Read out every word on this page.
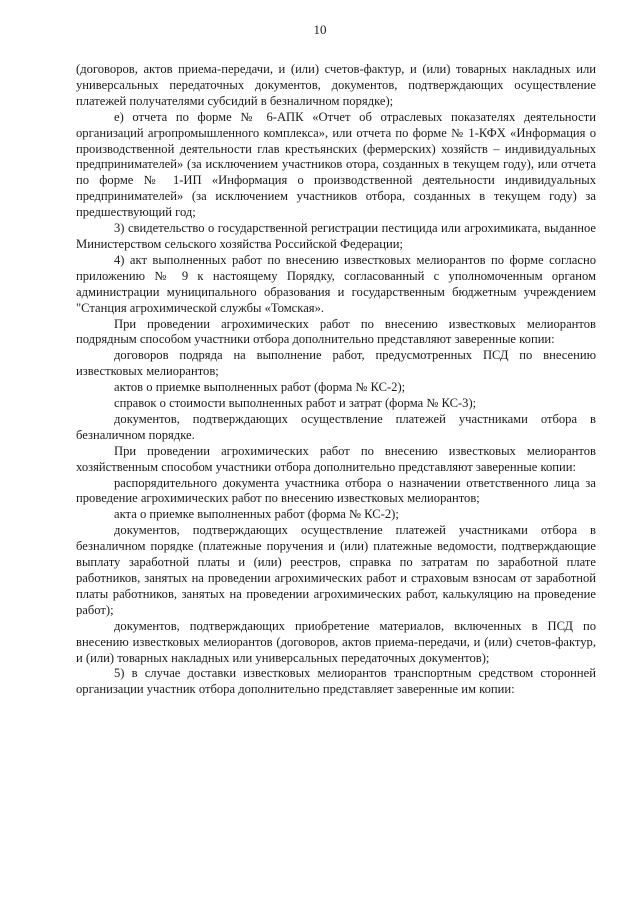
10

(договоров, актов приема-передачи, и (или) счетов-фактур, и (или) товарных накладных или универсальных передаточных документов, документов, подтверждающих осуществление платежей получателями субсидий в безналичном порядке);

е) отчета по форме № 6-АПК «Отчет об отраслевых показателях деятельности организаций агропромышленного комплекса», или отчета по форме № 1-КФХ «Информация о производственной деятельности глав крестьянских (фермерских) хозяйств – индивидуальных предпринимателей» (за исключением участников отора, созданных в текущем году), или отчета по форме № 1-ИП «Информация о производственной деятельности индивидуальных предпринимателей» (за исключением участников отбора, созданных в текущем году) за предшествующий год;

3) свидетельство о государственной регистрации пестицида или агрохимиката, выданное Министерством сельского хозяйства Российской Федерации;

4) акт выполненных работ по внесению известковых мелиорантов по форме согласно приложению № 9 к настоящему Порядку, согласованный с уполномоченным органом администрации муниципального образования и государственным бюджетным учреждением "Станция агрохимической службы «Томская».

При проведении агрохимических работ по внесению известковых мелиорантов подрядным способом участники отбора дополнительно представляют заверенные копии:

договоров подряда на выполнение работ, предусмотренных ПСД по внесению известковых мелиорантов;

актов о приемке выполненных работ (форма № КС-2);

справок о стоимости выполненных работ и затрат (форма № КС-3);

документов, подтверждающих осуществление платежей участниками отбора в безналичном порядке.

При проведении агрохимических работ по внесению известковых мелиорантов хозяйственным способом участники отбора дополнительно представляют заверенные копии:

распорядительного документа участника отбора о назначении ответственного лица за проведение агрохимических работ по внесению известковых мелиорантов;

акта о приемке выполненных работ (форма № КС-2);

документов, подтверждающих осуществление платежей участниками отбора в безналичном порядке (платежные поручения и (или) платежные ведомости, подтверждающие выплату заработной платы и (или) реестров, справка по затратам по заработной плате работников, занятых на проведении агрохимических работ и страховым взносам от заработной платы работников, занятых на проведении агрохимических работ, калькуляцию на проведение работ);

документов, подтверждающих приобретение материалов, включенных в ПСД по внесению известковых мелиорантов (договоров, актов приема-передачи, и (или) счетов-фактур, и (или) товарных накладных или универсальных передаточных документов);

5) в случае доставки известковых мелиорантов транспортным средством сторонней организации участник отбора дополнительно представляет заверенные им копии:
